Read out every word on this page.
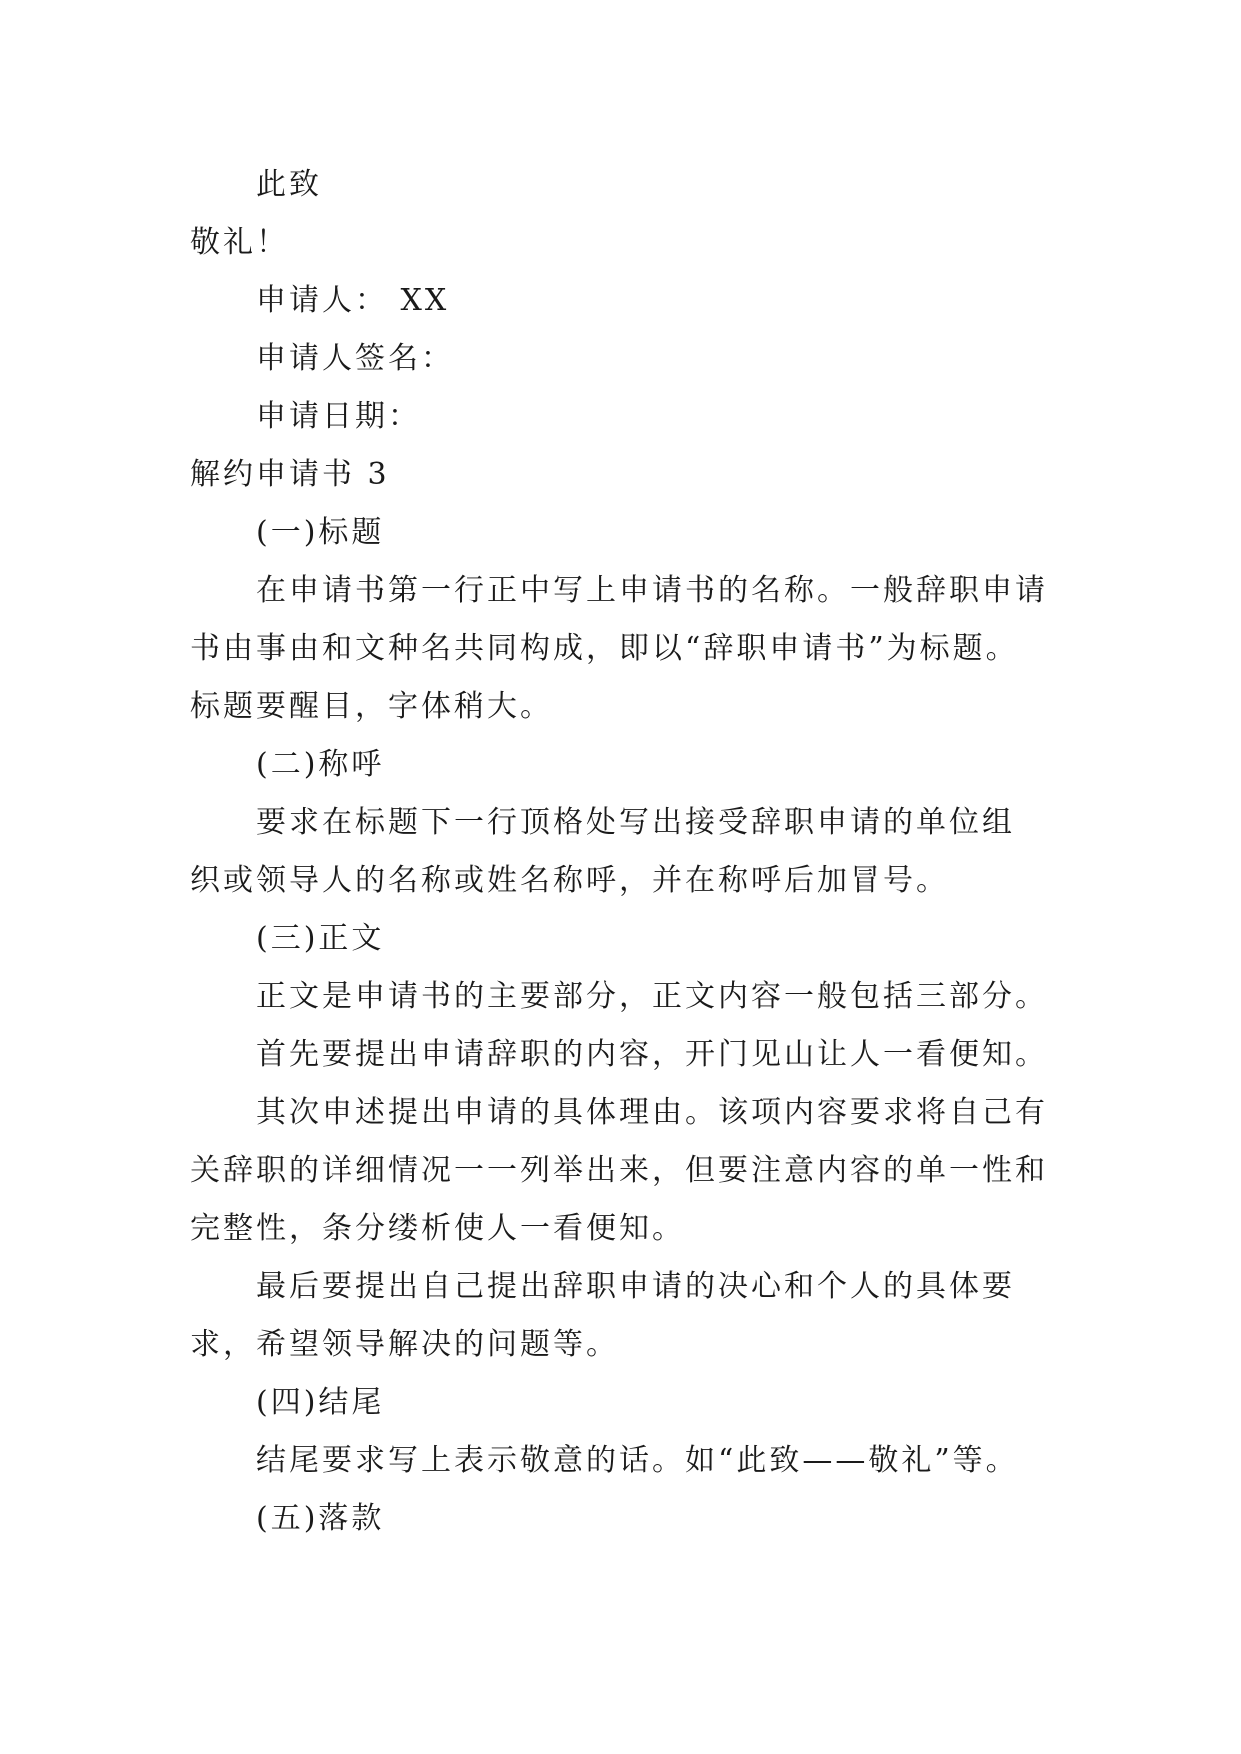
此致
敬礼！
申请人： XX
申请人签名：
申请日期：
解约申请书 3
(一)标题
在申请书第一行正中写上申请书的名称。一般辞职申请
书由事由和文种名共同构成，即以“辞职申请书”为标题。
标题要醒目，字体稍大。
(二)称呼
要求在标题下一行顶格处写出接受辞职申请的单位组
织或领导人的名称或姓名称呼，并在称呼后加冒号。
(三)正文
正文是申请书的主要部分，正文内容一般包括三部分。
首先要提出申请辞职的内容，开门见山让人一看便知。
其次申述提出申请的具体理由。该项内容要求将自己有
关辞职的详细情况一一列举出来，但要注意内容的单一性和
完整性，条分缕析使人一看便知。
最后要提出自己提出辞职申请的决心和个人的具体要
求，希望领导解决的问题等。
(四)结尾
结尾要求写上表示敬意的话。如“此致——敬礼”等。
(五)落款
